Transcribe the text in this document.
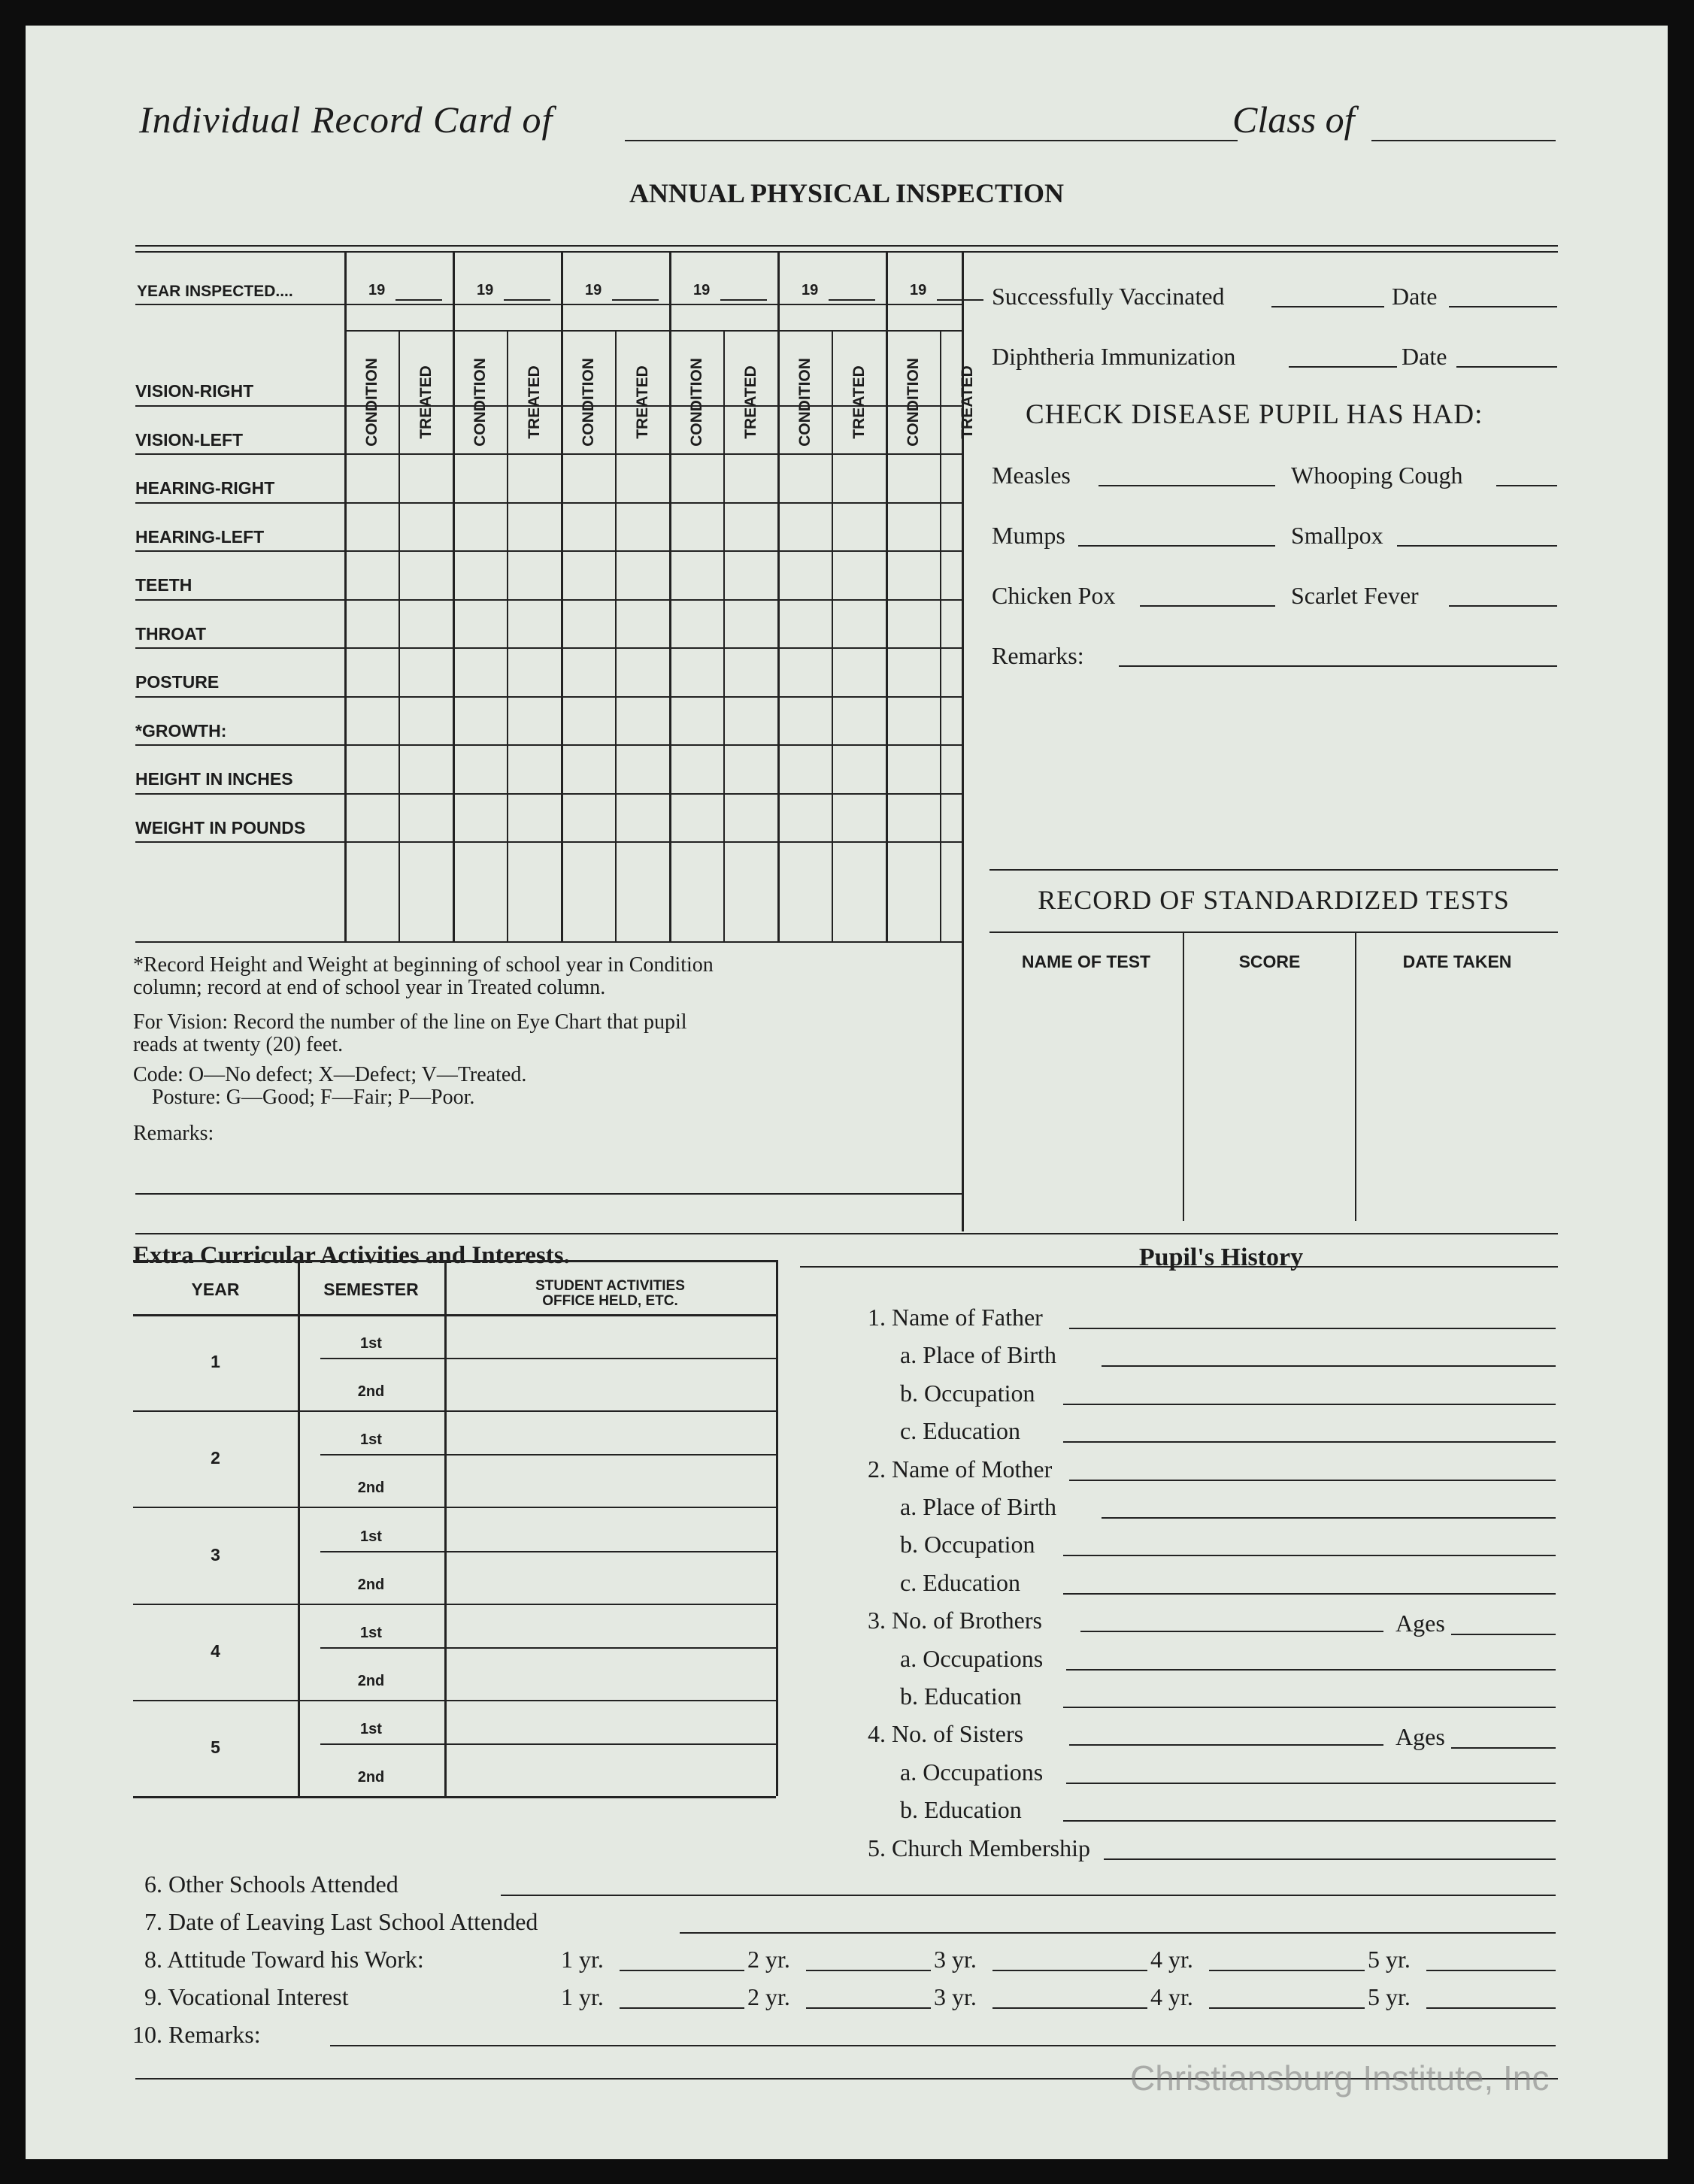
Individual Record Card of	Class of
ANNUAL PHYSICAL INSPECTION
YEAR INSPECTED....	19	19	19	19	19	19
CONDITION TREATED CONDITION TREATED CONDITION TREATED CONDITION TREATED CONDITION TREATED CONDITION TREATED
VISION-RIGHT
VISION-LEFT
HEARING-RIGHT
HEARING-LEFT
TEETH
THROAT
POSTURE
*GROWTH:
HEIGHT IN INCHES
WEIGHT IN POUNDS
*Record Height and Weight at beginning of school year in Condition
column; record at end of school year in Treated column.
For Vision: Record the number of the line on Eye Chart that pupil
reads at twenty (20) feet.
Code: O—No defect; X—Defect; V—Treated.
Posture: G—Good; F—Fair; P—Poor.
Remarks:
Successfully Vaccinated	Date
Diphtheria Immunization	Date
CHECK DISEASE PUPIL HAS HAD:
Measles	Whooping Cough
Mumps	Smallpox
Chicken Pox	Scarlet Fever
Remarks:
RECORD OF STANDARDIZED TESTS
NAME OF TEST	SCORE	DATE TAKEN
Extra Curricular Activities and Interests.
YEAR	SEMESTER	STUDENT ACTIVITIES
OFFICE HELD, ETC.
1
1st
2nd
2
1st
2nd
3
1st
2nd
4
1st
2nd
5
1st
2nd
Pupil's History
1. Name of Father
a. Place of Birth
b. Occupation
c. Education
2. Name of Mother
a. Place of Birth
b. Occupation
c. Education
3. No. of Brothers	Ages
a. Occupations
b. Education
4. No. of Sisters	Ages
a. Occupations
b. Education
5. Church Membership
6. Other Schools Attended
7. Date of Leaving Last School Attended
8. Attitude Toward his Work:	1 yr.	2 yr.	3 yr.	4 yr.	5 yr.
9. Vocational Interest	1 yr.	2 yr.	3 yr.	4 yr.	5 yr.
10. Remarks:
Christiansburg Institute, Inc
